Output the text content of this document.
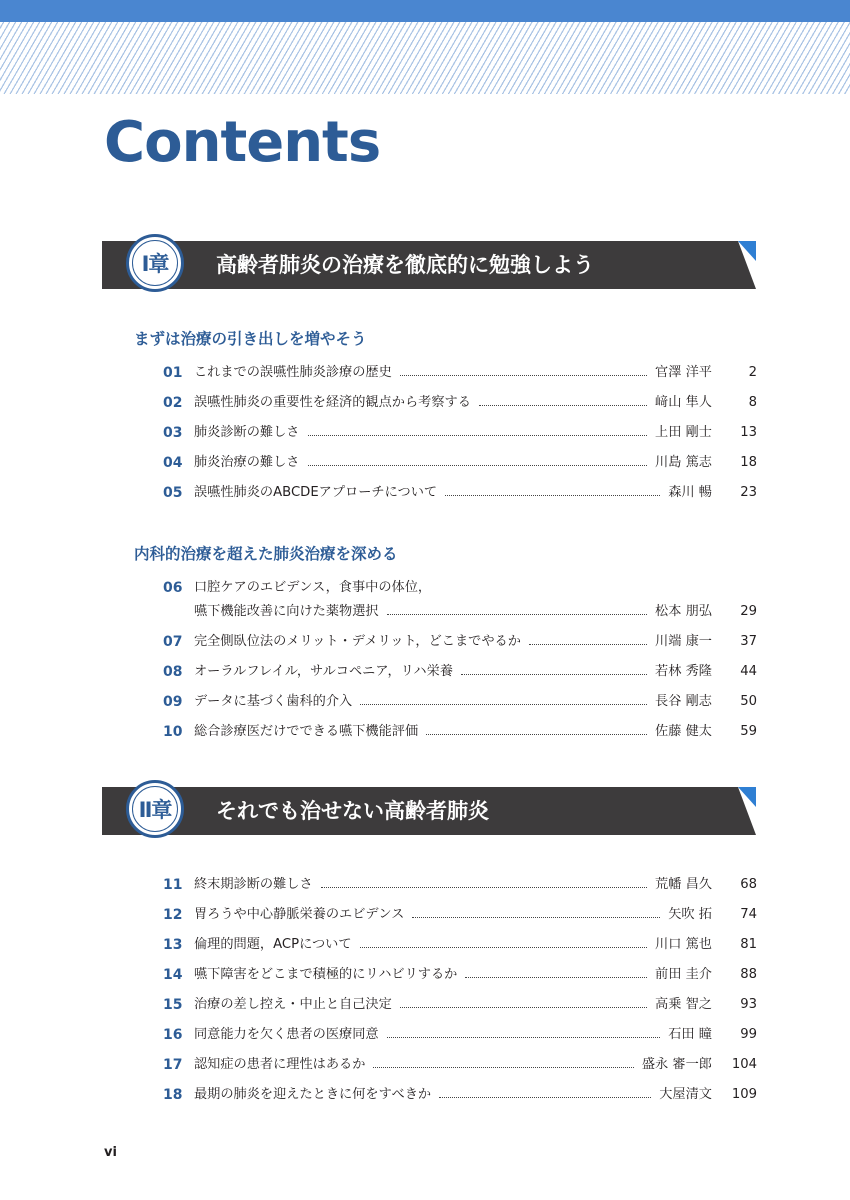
Contents
Ⅰ章	高齢者肺炎の治療を徹底的に勉強しよう
まずは治療の引き出しを増やそう
01 これまでの誤嚥性肺炎診療の歴史	官澤 洋平	2
02 誤嚥性肺炎の重要性を経済的観点から考察する	﨑山 隼人	8
03 肺炎診断の難しさ	上田 剛士	13
04 肺炎治療の難しさ	川島 篤志	18
05 誤嚥性肺炎のABCDEアプローチについて	森川 暢	23
内科的治療を超えた肺炎治療を深める
06 口腔ケアのエビデンス，食事中の体位，
嚥下機能改善に向けた薬物選択	松本 朋弘	29
07 完全側臥位法のメリット・デメリット，どこまでやるか	川端 康一	37
08 オーラルフレイル，サルコペニア，リハ栄養	若林 秀隆	44
09 データに基づく歯科的介入	長谷 剛志	50
10 総合診療医だけでできる嚥下機能評価	佐藤 健太	59
Ⅱ章	それでも治せない高齢者肺炎
11 終末期診断の難しさ	荒幡 昌久	68
12 胃ろうや中心静脈栄養のエビデンス	矢吹 拓	74
13 倫理的問題，ACPについて	川口 篤也	81
14 嚥下障害をどこまで積極的にリハビリするか	前田 圭介	88
15 治療の差し控え・中止と自己決定	高乗 智之	93
16 同意能力を欠く患者の医療同意	石田 瞳	99
17 認知症の患者に理性はあるか	盛永 審一郎	104
18 最期の肺炎を迎えたときに何をすべきか	大屋清文	109
vi
